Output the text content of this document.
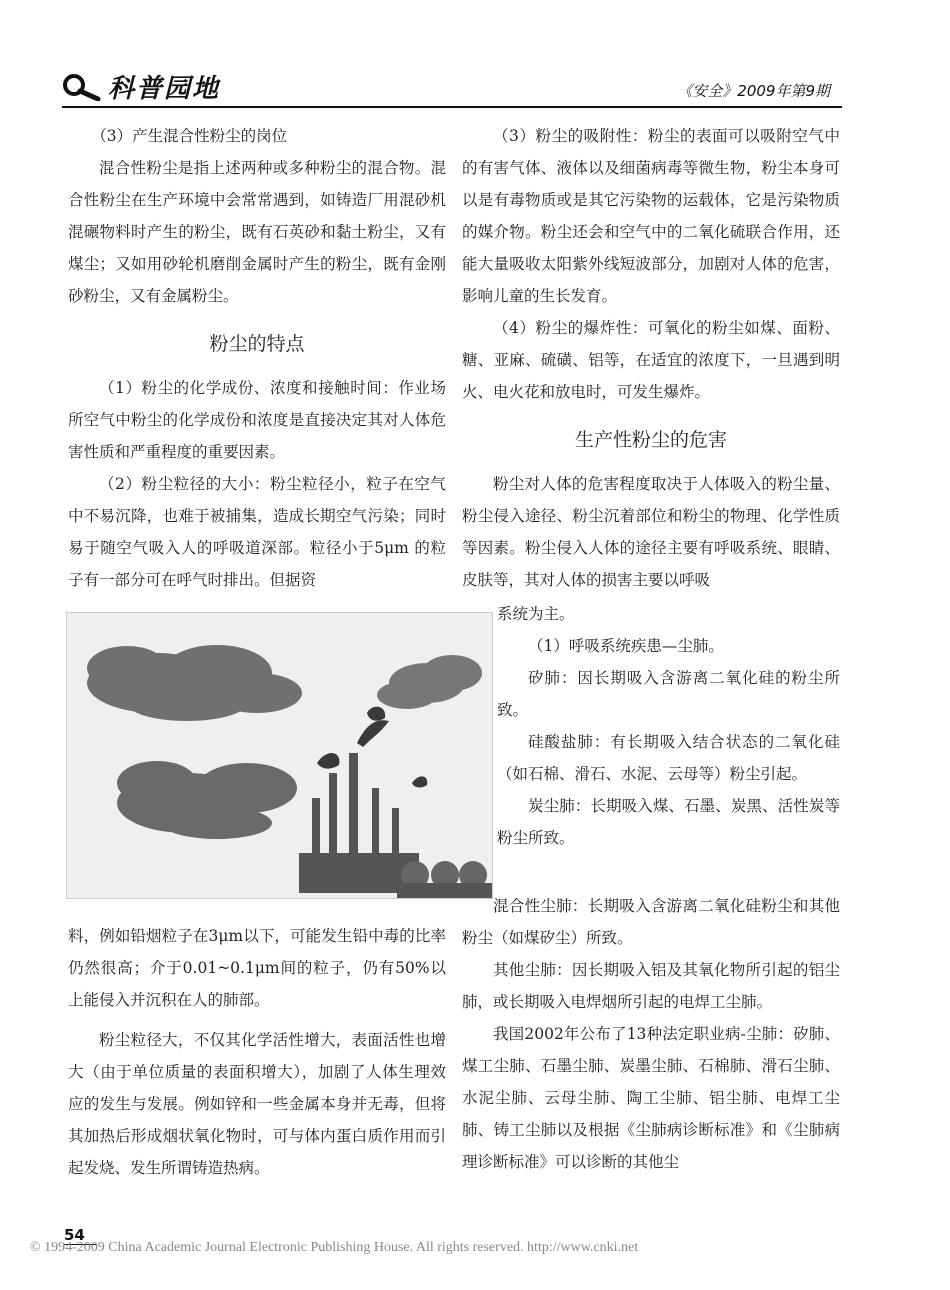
科普园地	《安全》2009年第9期

（3）产生混合性粉尘的岗位

混合性粉尘是指上述两种或多种粉尘的混合物。混合性粉尘在生产环境中会常常遇到，如铸造厂用混砂机混碾物料时产生的粉尘，既有石英砂和黏土粉尘，又有煤尘；又如用砂轮机磨削金属时产生的粉尘，既有金刚砂粉尘，又有金属粉尘。

粉尘的特点

（1）粉尘的化学成份、浓度和接触时间：作业场所空气中粉尘的化学成份和浓度是直接决定其对人体危害性质和严重程度的重要因素。

（2）粉尘粒径的大小：粉尘粒径小，粒子在空气中不易沉降，也难于被捕集，造成长期空气污染；同时易于随空气吸入人的呼吸道深部。粒径小于5μm 的粒子有一部分可在呼气时排出。但据资

料，例如铅烟粒子在3μm以下，可能发生铅中毒的比率仍然很高；介于0.01~0.1μm间的粒子，仍有50%以上能侵入并沉积在人的肺部。

粉尘粒径大，不仅其化学活性增大，表面活性也增大（由于单位质量的表面积增大），加剧了人体生理效应的发生与发展。例如锌和一些金属本身并无毒，但将其加热后形成烟状氧化物时，可与体内蛋白质作用而引起发烧、发生所谓铸造热病。

（3）粉尘的吸附性：粉尘的表面可以吸附空气中的有害气体、液体以及细菌病毒等微生物，粉尘本身可以是有毒物质或是其它污染物的运载体，它是污染物质的媒介物。粉尘还会和空气中的二氧化硫联合作用，还能大量吸收太阳紫外线短波部分，加剧对人体的危害，影响儿童的生长发育。

（4）粉尘的爆炸性：可氧化的粉尘如煤、面粉、糖、亚麻、硫磺、铝等，在适宜的浓度下，一旦遇到明火、电火花和放电时，可发生爆炸。

生产性粉尘的危害

粉尘对人体的危害程度取决于人体吸入的粉尘量、粉尘侵入途径、粉尘沉着部位和粉尘的物理、化学性质等因素。粉尘侵入人体的途径主要有呼吸系统、眼睛、皮肤等，其对人体的损害主要以呼吸

系统为主。

（1）呼吸系统疾患—尘肺。

矽肺：因长期吸入含游离二氧化硅的粉尘所致。

硅酸盐肺：有长期吸入结合状态的二氧化硅（如石棉、滑石、水泥、云母等）粉尘引起。

炭尘肺：长期吸入煤、石墨、炭黑、活性炭等粉尘所致。

混合性尘肺：长期吸入含游离二氧化硅粉尘和其他粉尘（如煤矽尘）所致。

其他尘肺：因长期吸入铝及其氧化物所引起的铝尘肺，或长期吸入电焊烟所引起的电焊工尘肺。

我国2002年公布了13种法定职业病-尘肺：矽肺、煤工尘肺、石墨尘肺、炭墨尘肺、石棉肺、滑石尘肺、水泥尘肺、云母尘肺、陶工尘肺、铝尘肺、电焊工尘肺、铸工尘肺以及根据《尘肺病诊断标准》和《尘肺病理诊断标准》可以诊断的其他尘

54
© 1994-2009 China Academic Journal Electronic Publishing House. All rights reserved. http://www.cnki.net
